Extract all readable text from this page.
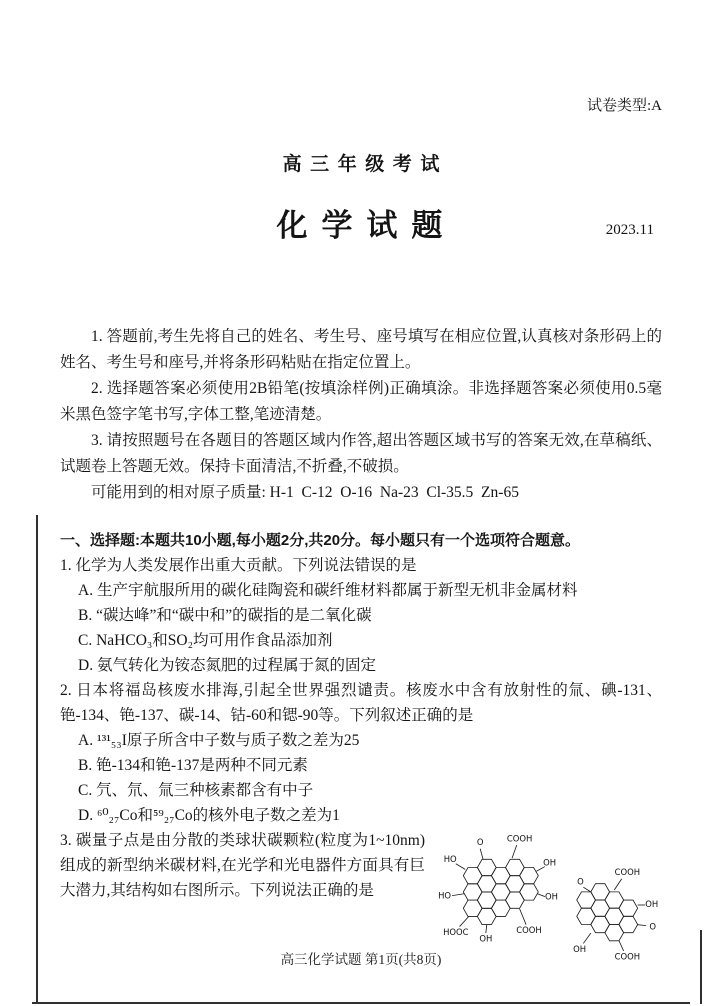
试卷类型:A
高三年级考试
化 学 试 题	2023.11

1. 答题前,考生先将自己的姓名、考生号、座号填写在相应位置,认真核对条形码上的姓名、考生号和座号,并将条形码粘贴在指定位置上。

2. 选择题答案必须使用2B铅笔(按填涂样例)正确填涂。非选择题答案必须使用0.5毫米黑色签字笔书写,字体工整,笔迹清楚。

3. 请按照题号在各题目的答题区域内作答,超出答题区域书写的答案无效,在草稿纸、试题卷上答题无效。保持卡面清洁,不折叠,不破损。

可能用到的相对原子质量: H-1  C-12  O-16  Na-23  Cl-35.5  Zn-65

一、选择题:本题共10小题,每小题2分,共20分。每小题只有一个选项符合题意。

1. 化学为人类发展作出重大贡献。下列说法错误的是

A. 生产宇航服所用的碳化硅陶瓷和碳纤维材料都属于新型无机非金属材料

B. “碳达峰”和“碳中和”的碳指的是二氧化碳

C. NaHCO₃和SO₂均可用作食品添加剂

D. 氨气转化为铵态氮肥的过程属于氮的固定

2. 日本将福岛核废水排海,引起全世界强烈谴责。核废水中含有放射性的氚、碘-131、铯-134、铯-137、碳-14、钴-60和锶-90等。下列叙述正确的是

A. ¹³¹₅₃I原子所含中子数与质子数之差为25

B. 铯-134和铯-137是两种不同元素

C. 氕、氘、氚三种核素都含有中子

D. ⁶⁰₂₇Co和⁵⁹₂₇Co的核外电子数之差为1

O	COOH
HO	OH
HO	OH
HOOC
OH
COOH
COOH
O
OH
O
COOH
OH

3. 碳量子点是由分散的类球状碳颗粒(粒度为1~10nm)组成的新型纳米碳材料,在光学和光电器件方面具有巨大潜力,其结构如右图所示。下列说法正确的是

高三化学试题 第1页(共8页)
